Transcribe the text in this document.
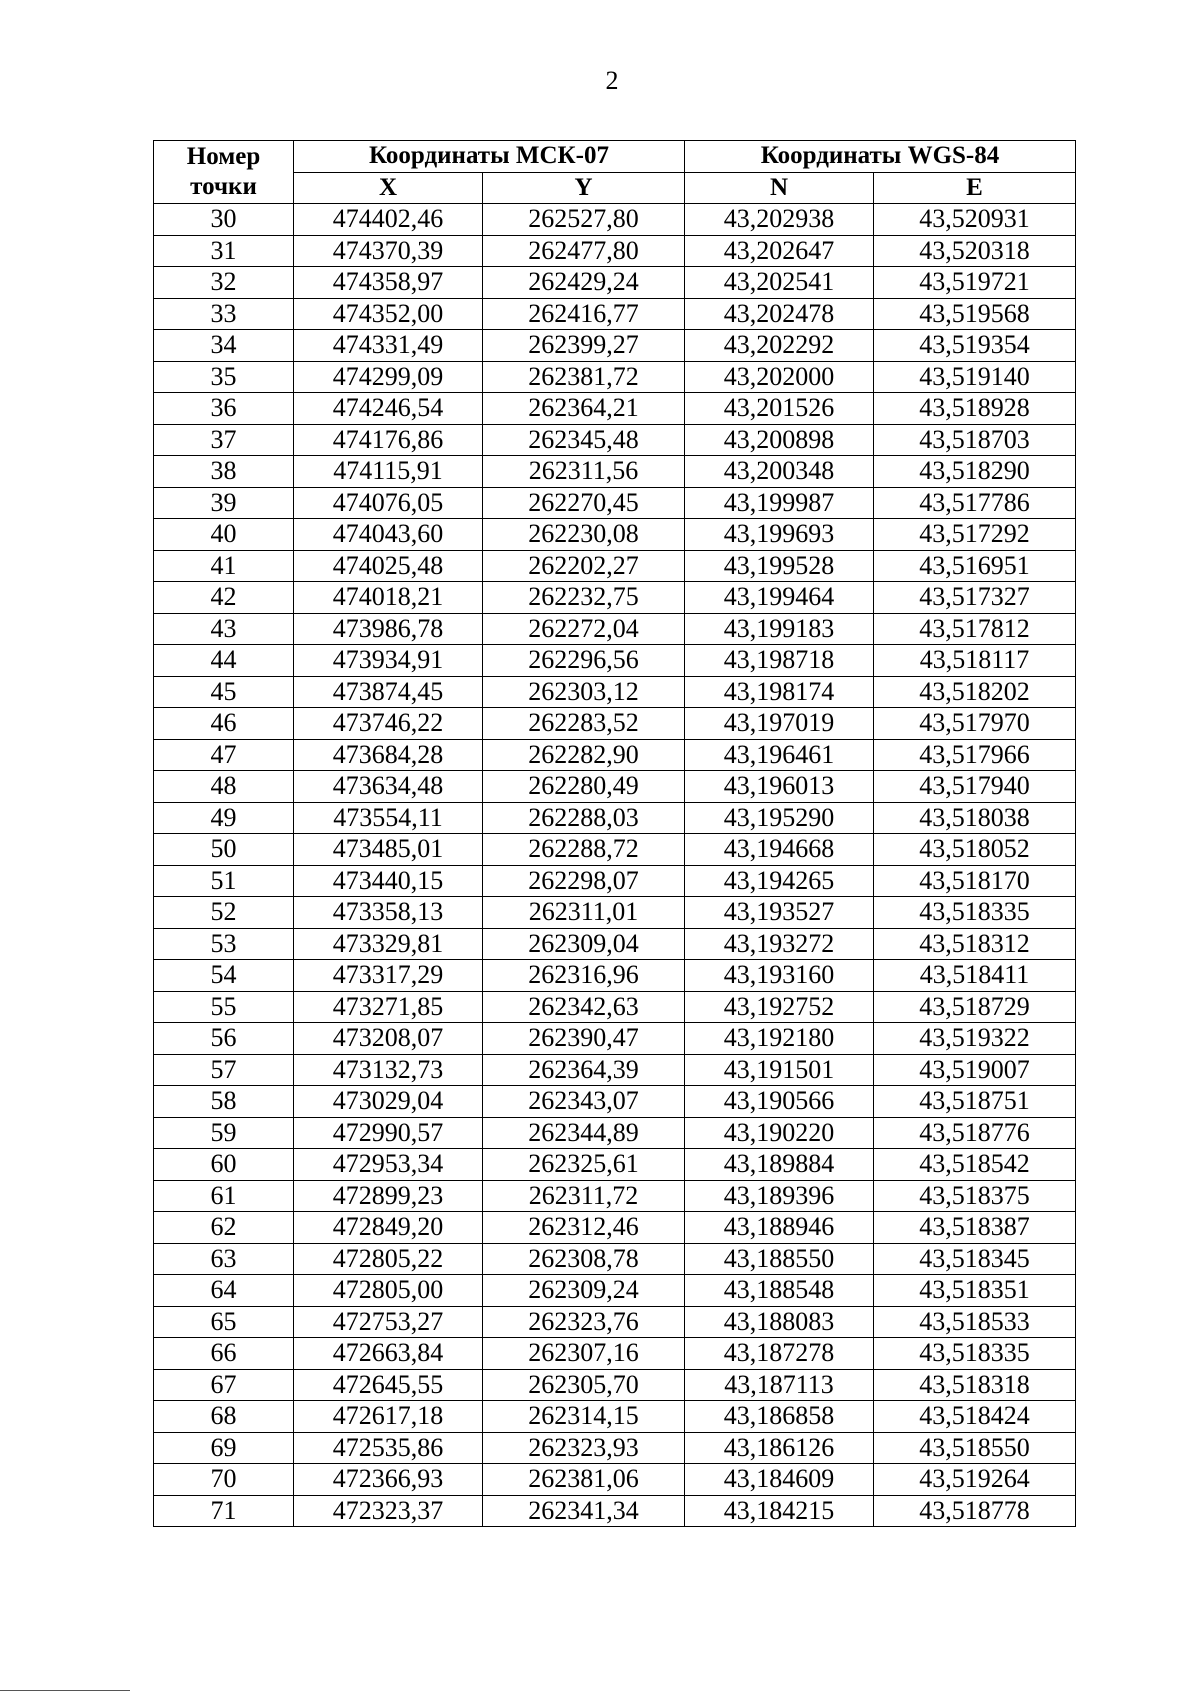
2
Номер точки	Координаты МСК-07		Координаты WGS-84	
	X	Y	N	E
30	474402,46	262527,80	43,202938	43,520931
31	474370,39	262477,80	43,202647	43,520318
32	474358,97	262429,24	43,202541	43,519721
33	474352,00	262416,77	43,202478	43,519568
34	474331,49	262399,27	43,202292	43,519354
35	474299,09	262381,72	43,202000	43,519140
36	474246,54	262364,21	43,201526	43,518928
37	474176,86	262345,48	43,200898	43,518703
38	474115,91	262311,56	43,200348	43,518290
39	474076,05	262270,45	43,199987	43,517786
40	474043,60	262230,08	43,199693	43,517292
41	474025,48	262202,27	43,199528	43,516951
42	474018,21	262232,75	43,199464	43,517327
43	473986,78	262272,04	43,199183	43,517812
44	473934,91	262296,56	43,198718	43,518117
45	473874,45	262303,12	43,198174	43,518202
46	473746,22	262283,52	43,197019	43,517970
47	473684,28	262282,90	43,196461	43,517966
48	473634,48	262280,49	43,196013	43,517940
49	473554,11	262288,03	43,195290	43,518038
50	473485,01	262288,72	43,194668	43,518052
51	473440,15	262298,07	43,194265	43,518170
52	473358,13	262311,01	43,193527	43,518335
53	473329,81	262309,04	43,193272	43,518312
54	473317,29	262316,96	43,193160	43,518411
55	473271,85	262342,63	43,192752	43,518729
56	473208,07	262390,47	43,192180	43,519322
57	473132,73	262364,39	43,191501	43,519007
58	473029,04	262343,07	43,190566	43,518751
59	472990,57	262344,89	43,190220	43,518776
60	472953,34	262325,61	43,189884	43,518542
61	472899,23	262311,72	43,189396	43,518375
62	472849,20	262312,46	43,188946	43,518387
63	472805,22	262308,78	43,188550	43,518345
64	472805,00	262309,24	43,188548	43,518351
65	472753,27	262323,76	43,188083	43,518533
66	472663,84	262307,16	43,187278	43,518335
67	472645,55	262305,70	43,187113	43,518318
68	472617,18	262314,15	43,186858	43,518424
69	472535,86	262323,93	43,186126	43,518550
70	472366,93	262381,06	43,184609	43,519264
71	472323,37	262341,34	43,184215	43,518778
